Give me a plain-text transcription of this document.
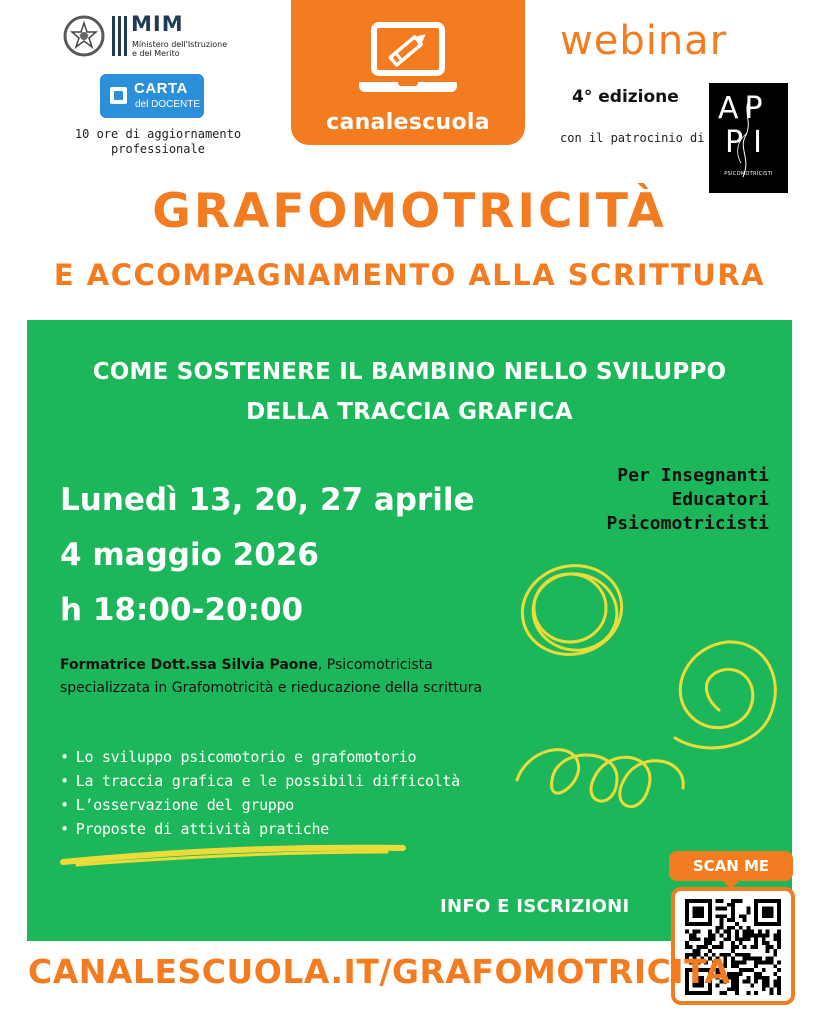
MIM
Ministero dell'Istruzione
e del Merito
CARTA
del DOCENTE
10 ore di aggiornamento
professionale
canalescuola
webinar
4° edizione
con il patrocinio di
AP
PI
PSICOMOTRICISTI
GRAFOMOTRICITÀ
E ACCOMPAGNAMENTO ALLA SCRITTURA
COME SOSTENERE IL BAMBINO NELLO SVILUPPO
DELLA TRACCIA GRAFICA
Lunedì 13, 20, 27 aprile
4 maggio 2026
h 18:00-20:00
Per Insegnanti
Educatori
Psicomotricisti
Formatrice Dott.ssa Silvia Paone, Psicomotricista
specializzata in Grafomotricità e rieducazione della scrittura
• Lo sviluppo psicomotorio e grafomotorio
• La traccia grafica e le possibili difficoltà
• L’osservazione del gruppo
• Proposte di attività pratiche
INFO E ISCRIZIONI
SCAN ME
CANALESCUOLA.IT/GRAFOMOTRICITA
